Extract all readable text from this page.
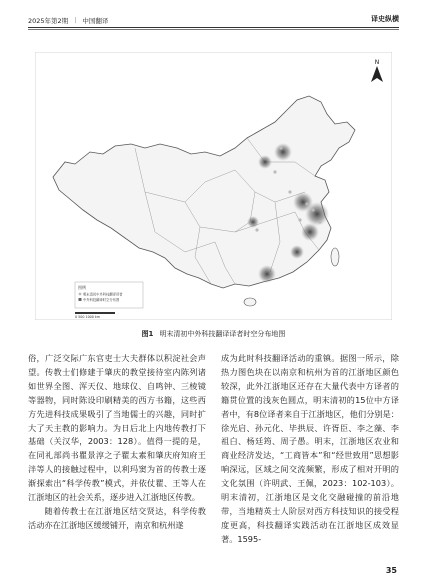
2025年第2期 | 中国翻译	译史纵横
N
图例
明末清初中外科技翻译译者
中外科技翻译时空分布图
0 500 1000 km
图1 明末清初中外科技翻译译者时空分布地图

俗，广泛交际广东官吏士大夫群体以积淀社会声望。传教士们修建于肇庆的教堂接待室内陈列诸如世界全图、浑天仪、地球仪、自鸣钟、三棱镜等器物，同时陈设印刷精美的西方书籍，这些西方先进科技成果吸引了当地儒士的兴趣，同时扩大了天主教的影响力。为日后北上内地传教打下基础（关汉华，2003：128）。值得一提的是，在同礼部尚书瞿景淳之子瞿太素和肇庆府知府王泮等人的接触过程中，以利玛窦为首的传教士逐渐探索出“科学传教”模式，并依仗瞿、王等人在江浙地区的社会关系，逐步进入江浙地区传教。

随着传教士在江浙地区结交贤达，科学传教活动亦在江浙地区缓缓铺开，南京和杭州遂

成为此时科技翻译活动的重镇。据图一所示，除热力图色块在以南京和杭州为首的江浙地区颜色较深，此外江浙地区还存在大量代表中方译者的籍贯位置的浅灰色圆点，明末清初的15位中方译者中，有8位译者来自于江浙地区，他们分别是：徐光启、孙元化、毕拱辰、许胥臣、李之藻、李祖白、杨廷筠、周子愚。明末，江浙地区农业和商业经济发达，“工商皆本”和“经世致用”思想影响深远，区域之间交流频繁，形成了相对开明的文化氛围（许明武、王佩，2023：102-103）。明末清初，江浙地区是文化交融碰撞的前沿地带，当地精英士人阶层对西方科技知识的接受程度更高，科技翻译实践活动在江浙地区成效显著。1595-

35
